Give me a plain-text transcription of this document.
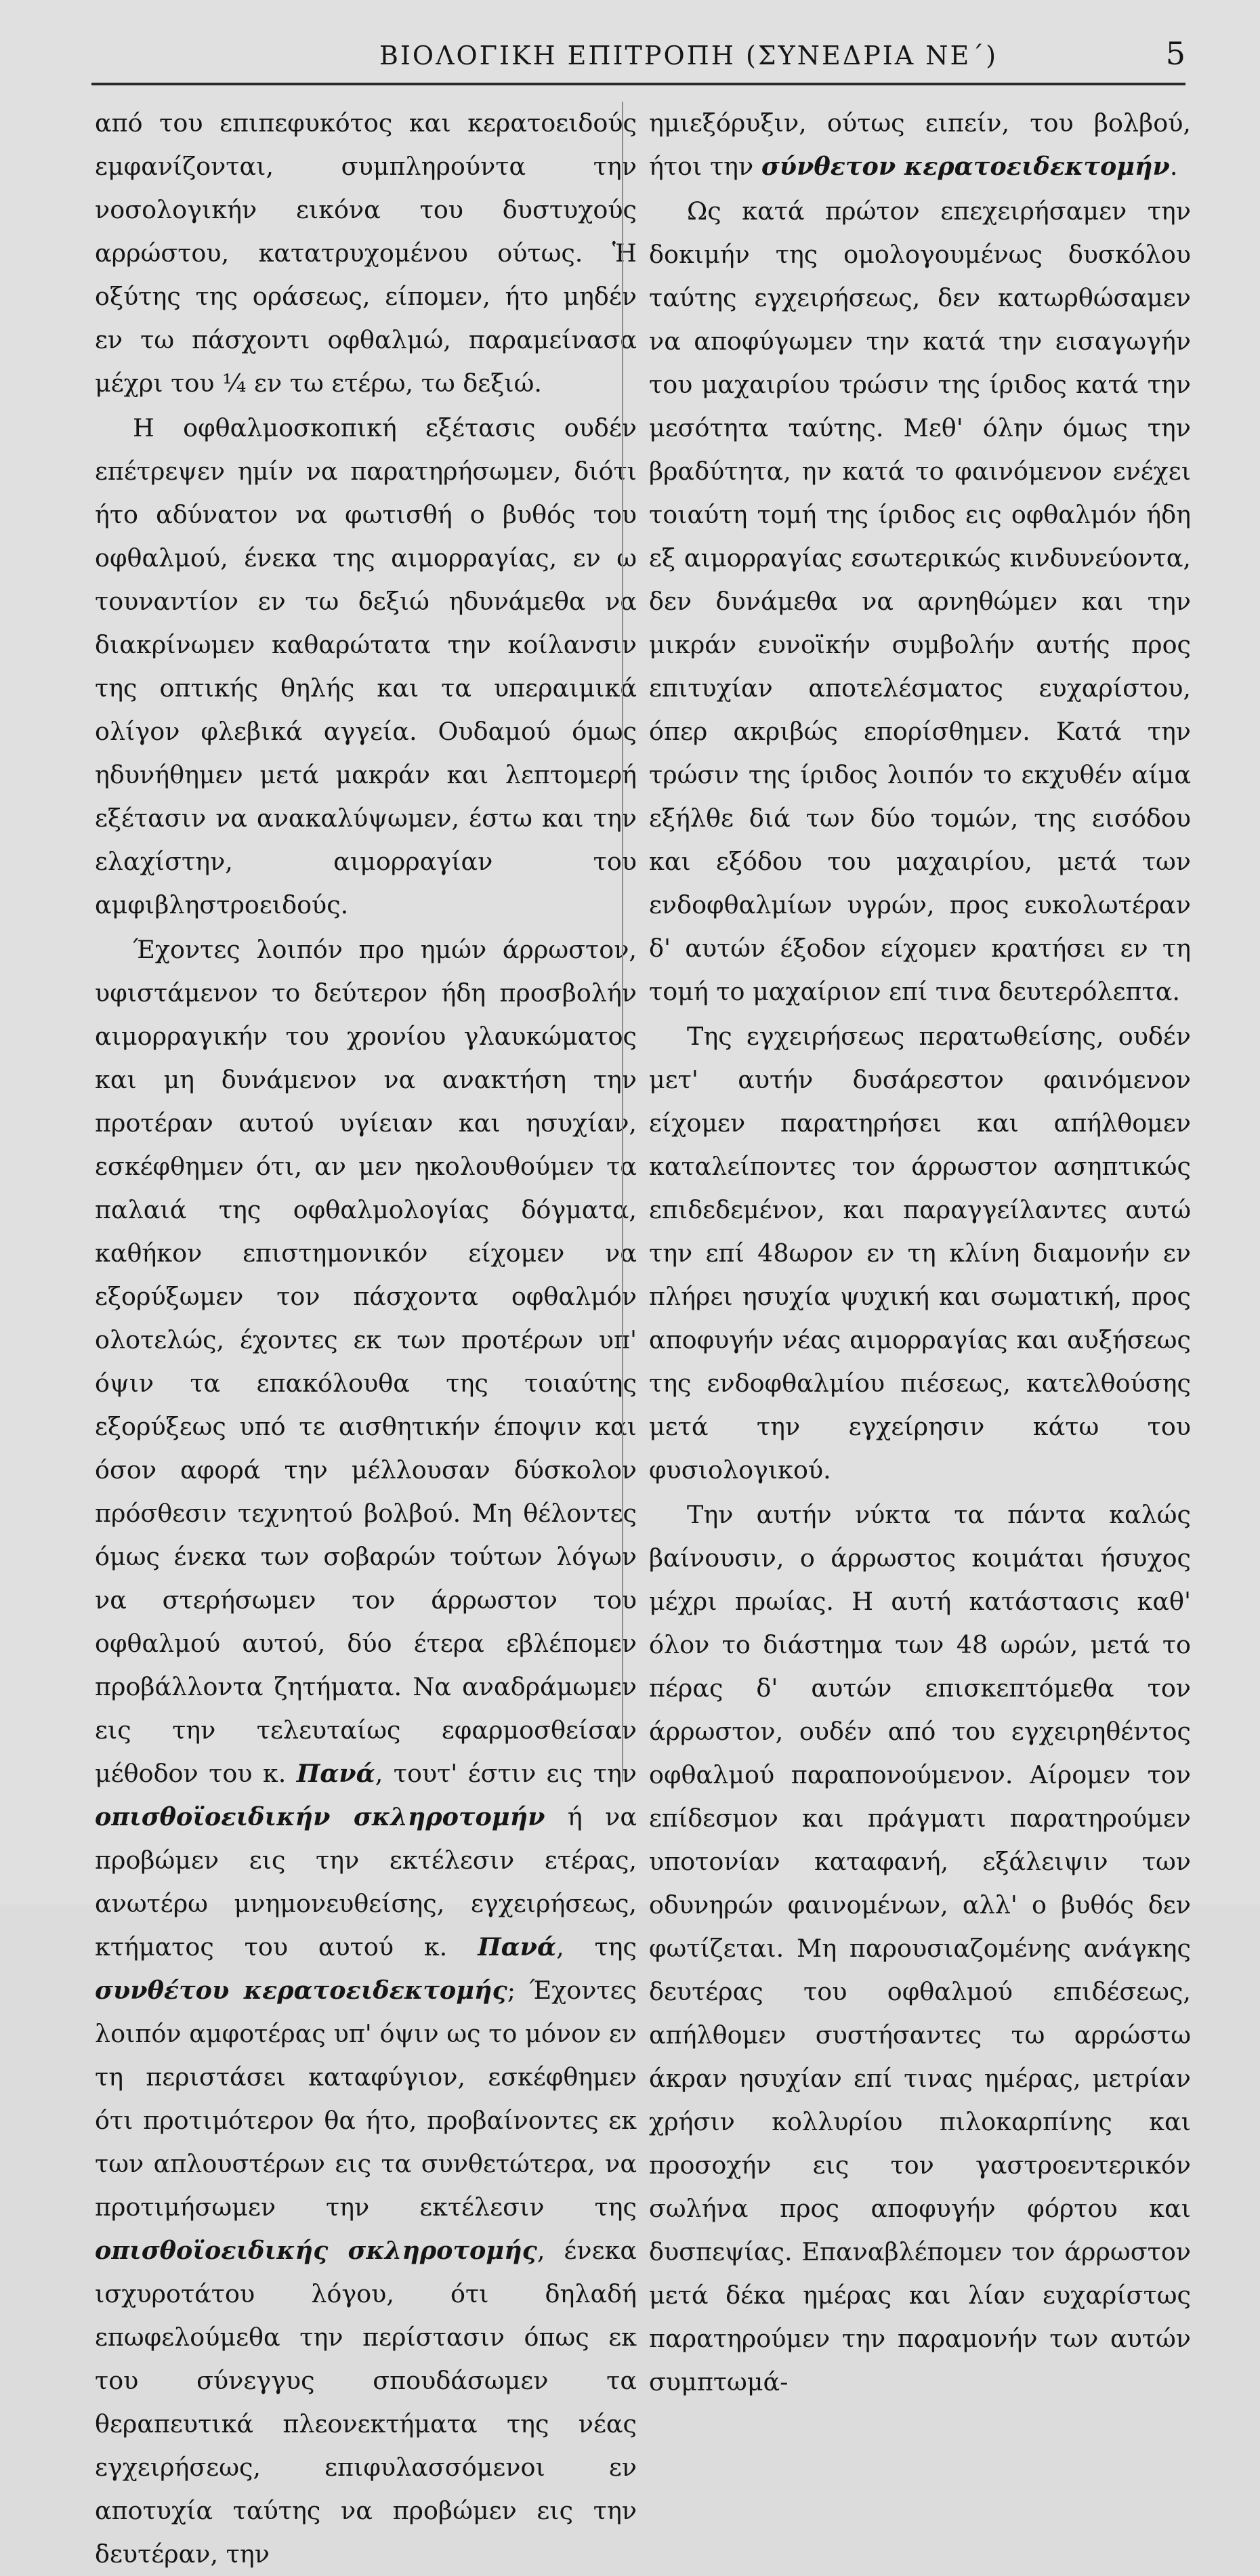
ΒΙΟΛΟΓΙΚΗ ΕΠΙΤΡΟΠΗ (ΣΥΝΕΔΡΙΑ ΝΕ΄)	5

από του επιπεφυκότος και κερατοειδούς εμφανίζονται, συμπληρούντα την νοσολογικήν εικόνα του δυστυχούς αρρώστου, κατατρυχομένου ούτως. Ἡ οξύτης της οράσεως, είπομεν, ήτο μηδέν εν τω πάσχοντι οφθαλμώ, παραμείνασα μέχρι του ¼ εν τω ετέρω, τω δεξιώ.

Η οφθαλμοσκοπική εξέτασις ουδέν επέτρεψεν ημίν να παρατηρήσωμεν, διότι ήτο αδύνατον να φωτισθή ο βυθός του οφθαλμού, ένεκα της αιμορραγίας, εν ω τουναντίον εν τω δεξιώ ηδυνάμεθα να διακρίνωμεν καθαρώτατα την κοίλανσιν της οπτικής θηλής και τα υπεραιμικά ολίγον φλεβικά αγγεία. Ουδαμού όμως ηδυνήθημεν μετά μακράν και λεπτομερή εξέτασιν να ανακαλύψωμεν, έστω και την ελαχίστην, αιμορραγίαν του αμφιβληστροειδούς.

Έχοντες λοιπόν προ ημών άρρωστον, υφιστάμενον το δεύτερον ήδη προσβολήν αιμορραγικήν του χρονίου γλαυκώματος και μη δυνάμενον να ανακτήση την προτέραν αυτού υγίειαν και ησυχίαν, εσκέφθημεν ότι, αν μεν ηκολουθούμεν τα παλαιά της οφθαλμολογίας δόγματα, καθήκον επιστημονικόν είχομεν να εξορύξωμεν τον πάσχοντα οφθαλμόν ολοτελώς, έχοντες εκ των προτέρων υπ' όψιν τα επακόλουθα της τοιαύτης εξορύξεως υπό τε αισθητικήν έποψιν και όσον αφορά την μέλλουσαν δύσκολον πρόσθεσιν τεχνητού βολβού. Μη θέλοντες όμως ένεκα των σοβαρών τούτων λόγων να στερήσωμεν τον άρρωστον του οφθαλμού αυτού, δύο έτερα εβλέπομεν προβάλλοντα ζητήματα. Να αναδράμωμεν εις την τελευταίως εφαρμοσθείσαν μέθοδον του κ. Πανά, τουτ' έστιν εις την οπισθοϊοειδικήν σκληροτομήν ή να προβώμεν εις την εκτέλεσιν ετέρας, ανωτέρω μνημονευθείσης, εγχειρήσεως, κτήματος του αυτού κ. Πανά, της συνθέτου κερατοειδεκτομής; Έχοντες λοιπόν αμφοτέρας υπ' όψιν ως το μόνον εν τη περιστάσει καταφύγιον, εσκέφθημεν ότι προτιμότερον θα ήτο, προβαίνοντες εκ των απλουστέρων εις τα συνθετώτερα, να προτιμήσωμεν την εκτέλεσιν της οπισθοϊοειδικής σκληροτομής, ένεκα ισχυροτάτου λόγου, ότι δηλαδή επωφελούμεθα την περίστασιν όπως εκ του σύνεγγυς σπουδάσωμεν τα θεραπευτικά πλεονεκτήματα της νέας εγχειρήσεως, επιφυλασσόμενοι εν αποτυχία ταύτης να προβώμεν εις την δευτέραν, την

ημιεξόρυξιν, ούτως ειπείν, του βολβού, ήτοι την σύνθετον κερατοειδεκτομήν.

Ως κατά πρώτον επεχειρήσαμεν την δοκιμήν της ομολογουμένως δυσκόλου ταύτης εγχειρήσεως, δεν κατωρθώσαμεν να αποφύγωμεν την κατά την εισαγωγήν του μαχαιρίου τρώσιν της ίριδος κατά την μεσότητα ταύτης. Μεθ' όλην όμως την βραδύτητα, ην κατά το φαινόμενον ενέχει τοιαύτη τομή της ίριδος εις οφθαλμόν ήδη εξ αιμορραγίας εσωτερικώς κινδυνεύοντα, δεν δυνάμεθα να αρνηθώμεν και την μικράν ευνοϊκήν συμβολήν αυτής προς επιτυχίαν αποτελέσματος ευχαρίστου, όπερ ακριβώς επορίσθημεν. Κατά την τρώσιν της ίριδος λοιπόν το εκχυθέν αίμα εξήλθε διά των δύο τομών, της εισόδου και εξόδου του μαχαιρίου, μετά των ενδοφθαλμίων υγρών, προς ευκολωτέραν δ' αυτών έξοδον είχομεν κρατήσει εν τη τομή το μαχαίριον επί τινα δευτερόλεπτα.

Της εγχειρήσεως περατωθείσης, ουδέν μετ' αυτήν δυσάρεστον φαινόμενον είχομεν παρατηρήσει και απήλθομεν καταλείποντες τον άρρωστον ασηπτικώς επιδεδεμένον, και παραγγείλαντες αυτώ την επί 48ωρον εν τη κλίνη διαμονήν εν πλήρει ησυχία ψυχική και σωματική, προς αποφυγήν νέας αιμορραγίας και αυξήσεως της ενδοφθαλμίου πιέσεως, κατελθούσης μετά την εγχείρησιν κάτω του φυσιολογικού.

Την αυτήν νύκτα τα πάντα καλώς βαίνουσιν, ο άρρωστος κοιμάται ήσυχος μέχρι πρωίας. Η αυτή κατάστασις καθ' όλον το διάστημα των 48 ωρών, μετά το πέρας δ' αυτών επισκεπτόμεθα τον άρρωστον, ουδέν από του εγχειρηθέντος οφθαλμού παραπονούμενον. Αίρομεν τον επίδεσμον και πράγματι παρατηρούμεν υποτονίαν καταφανή, εξάλειψιν των οδυνηρών φαινομένων, αλλ' ο βυθός δεν φωτίζεται. Μη παρουσιαζομένης ανάγκης δευτέρας του οφθαλμού επιδέσεως, απήλθομεν συστήσαντες τω αρρώστω άκραν ησυχίαν επί τινας ημέρας, μετρίαν χρήσιν κολλυρίου πιλοκαρπίνης και προσοχήν εις τον γαστροεντερικόν σωλήνα προς αποφυγήν φόρτου και δυσπεψίας. Επαναβλέπομεν τον άρρωστον μετά δέκα ημέρας και λίαν ευχαρίστως παρατηρούμεν την παραμονήν των αυτών συμπτωμά-
